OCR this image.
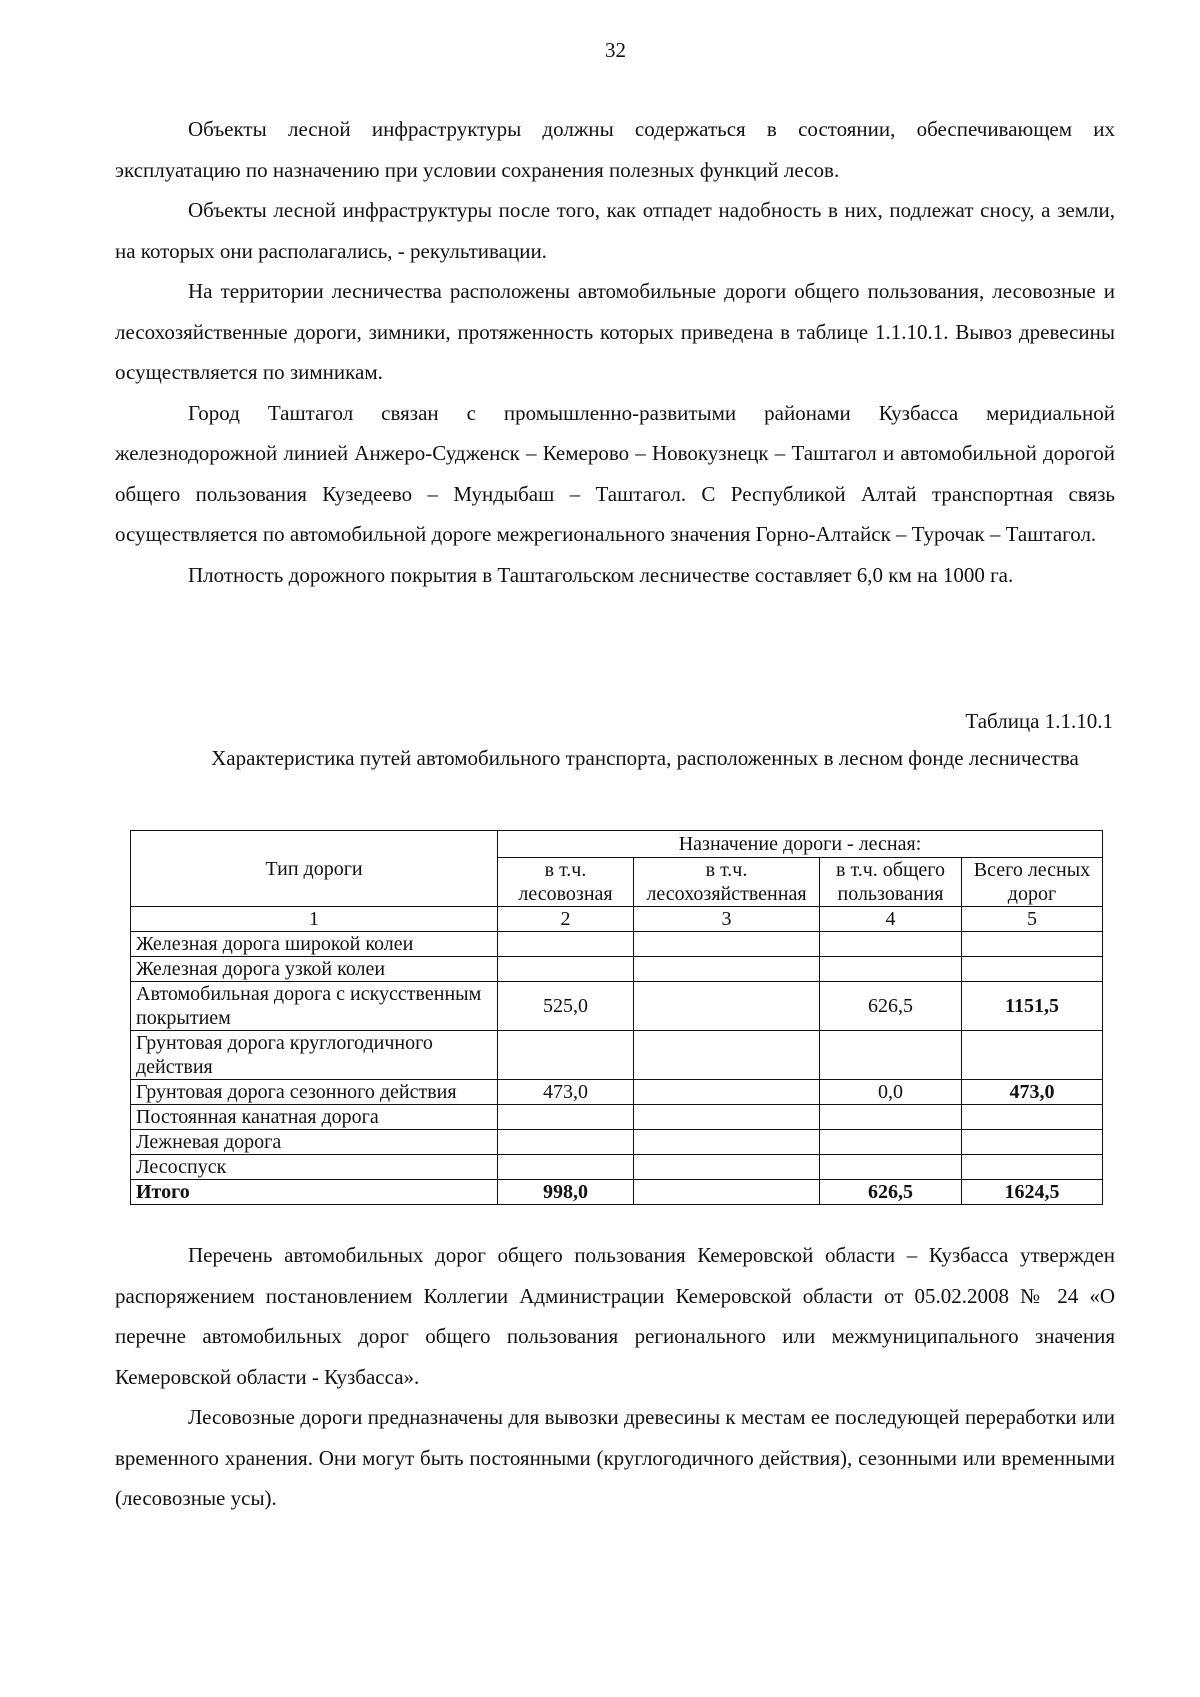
32

Объекты лесной инфраструктуры должны содержаться в состоянии, обеспечивающем их эксплуатацию по назначению при условии сохранения полезных функций лесов.

Объекты лесной инфраструктуры после того, как отпадет надобность в них, подлежат сносу, а земли, на которых они располагались, - рекультивации.

На территории лесничества расположены автомобильные дороги общего пользования, лесовозные и лесохозяйственные дороги, зимники, протяженность которых приведена в таблице 1.1.10.1. Вывоз древесины осуществляется по зимникам.

Город Таштагол связан с промышленно-развитыми районами Кузбасса меридиальной железнодорожной линией Анжеро-Судженск – Кемерово – Новокузнецк – Таштагол и автомобильной дорогой общего пользования Кузедеево – Мундыбаш – Таштагол. С Республикой Алтай транспортная связь осуществляется по автомобильной дороге межрегионального значения Горно-Алтайск – Турочак – Таштагол.

Плотность дорожного покрытия в Таштагольском лесничестве составляет 6,0 км на 1000 га.

Таблица 1.1.10.1
Характеристика путей автомобильного транспорта, расположенных в лесном фонде лесничества
Тип дороги	Назначение дороги - лесная:			
	в т.ч. лесовозная	в т.ч. лесохозяйственная	в т.ч. общего пользования	Всего лесных дорог
1	2	3	4	5
Железная дорога широкой колеи				
Железная дорога узкой колеи				
Автомобильная дорога с искусственным покрытием	525,0		626,5	1151,5
Грунтовая дорога круглогодичного действия				
Грунтовая дорога сезонного действия	473,0		0,0	473,0
Постоянная канатная дорога				
Лежневая дорога				
Лесоспуск				
Итого	998,0		626,5	1624,5

Перечень автомобильных дорог общего пользования Кемеровской области – Кузбасса утвержден распоряжением постановлением Коллегии Администрации Кемеровской области от 05.02.2008 № 24 «О перечне автомобильных дорог общего пользования регионального или межмуниципального значения Кемеровской области - Кузбасса».

Лесовозные дороги предназначены для вывозки древесины к местам ее последующей переработки или временного хранения. Они могут быть постоянными (круглогодичного действия), сезонными или временными (лесовозные усы).
